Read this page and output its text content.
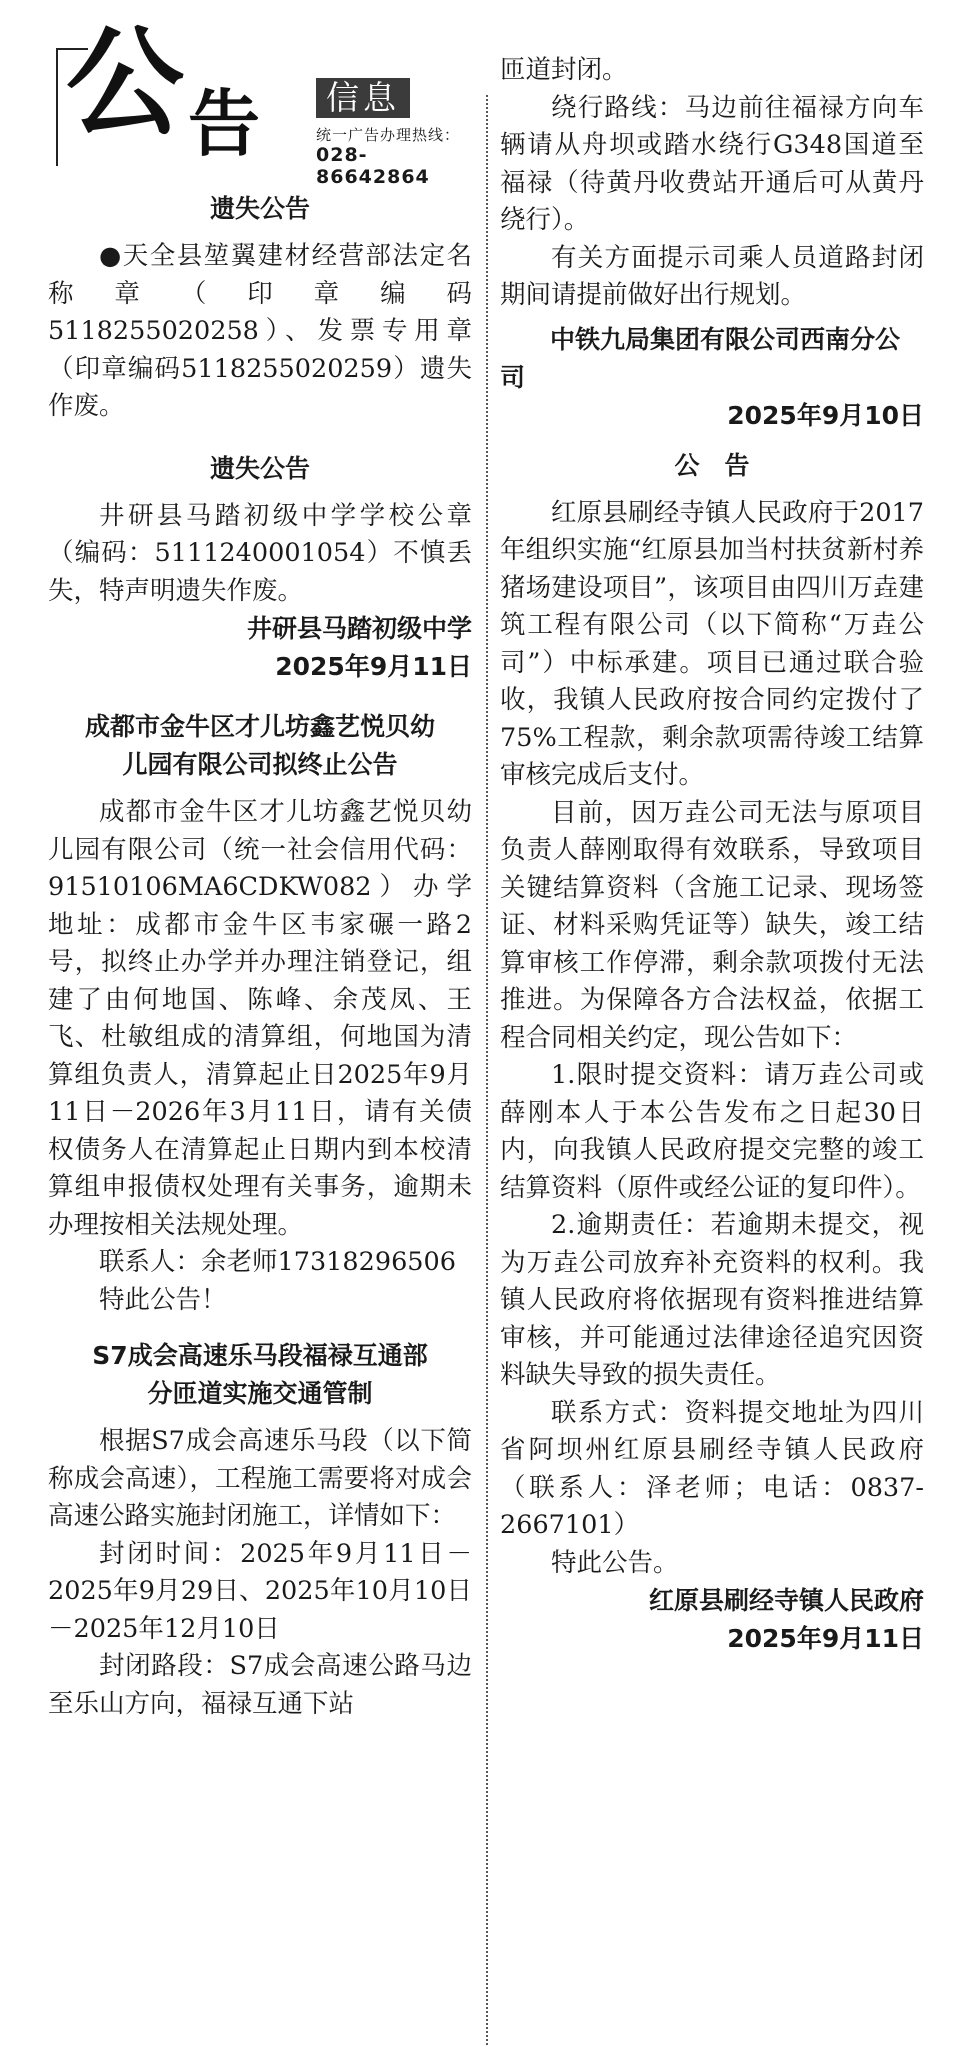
公 告	信息
统一广告办理热线：
028-86642864
遗失公告

●天全县堃翼建材经营部法定名称章（印章编码5118255020258）、发票专用章（印章编码5118255020259）遗失作废。

遗失公告

井研县马踏初级中学学校公章（编码：5111240001054）不慎丢失，特声明遗失作废。

井研县马踏初级中学

2025年9月11日

成都市金牛区才儿坊鑫艺悦贝幼
儿园有限公司拟终止公告

成都市金牛区才儿坊鑫艺悦贝幼儿园有限公司（统一社会信用代码：91510106MA6CDKW082）办学地址：成都市金牛区韦家碾一路2号，拟终止办学并办理注销登记，组建了由何地国、陈峰、余茂凤、王飞、杜敏组成的清算组，何地国为清算组负责人，清算起止日2025年9月11日－2026年3月11日，请有关债权债务人在清算起止日期内到本校清算组申报债权处理有关事务，逾期未办理按相关法规处理。

联系人：余老师17318296506

特此公告！

S7成会高速乐马段福禄互通部
分匝道实施交通管制

根据S7成会高速乐马段（以下简称成会高速），工程施工需要将对成会高速公路实施封闭施工，详情如下：

封闭时间：2025年9月11日－2025年9月29日、2025年10月10日－2025年12月10日

封闭路段：S7成会高速公路马边至乐山方向，福禄互通下站

匝道封闭。

绕行路线：马边前往福禄方向车辆请从舟坝或踏水绕行G348国道至福禄（待黄丹收费站开通后可从黄丹绕行）。

有关方面提示司乘人员道路封闭期间请提前做好出行规划。

中铁九局集团有限公司西南分公司

2025年9月10日

公　告

红原县刷经寺镇人民政府于2017年组织实施“红原县加当村扶贫新村养猪场建设项目”，该项目由四川万垚建筑工程有限公司（以下简称“万垚公司”）中标承建。项目已通过联合验收，我镇人民政府按合同约定拨付了75%工程款，剩余款项需待竣工结算审核完成后支付。

目前，因万垚公司无法与原项目负责人薛刚取得有效联系，导致项目关键结算资料（含施工记录、现场签证、材料采购凭证等）缺失，竣工结算审核工作停滞，剩余款项拨付无法推进。为保障各方合法权益，依据工程合同相关约定，现公告如下：

1.限时提交资料：请万垚公司或薛刚本人于本公告发布之日起30日内，向我镇人民政府提交完整的竣工结算资料（原件或经公证的复印件）。

2.逾期责任：若逾期未提交，视为万垚公司放弃补充资料的权利。我镇人民政府将依据现有资料推进结算审核，并可能通过法律途径追究因资料缺失导致的损失责任。

联系方式：资料提交地址为四川省阿坝州红原县刷经寺镇人民政府（联系人：泽老师；电话：0837-2667101）

特此公告。

红原县刷经寺镇人民政府

2025年9月11日
